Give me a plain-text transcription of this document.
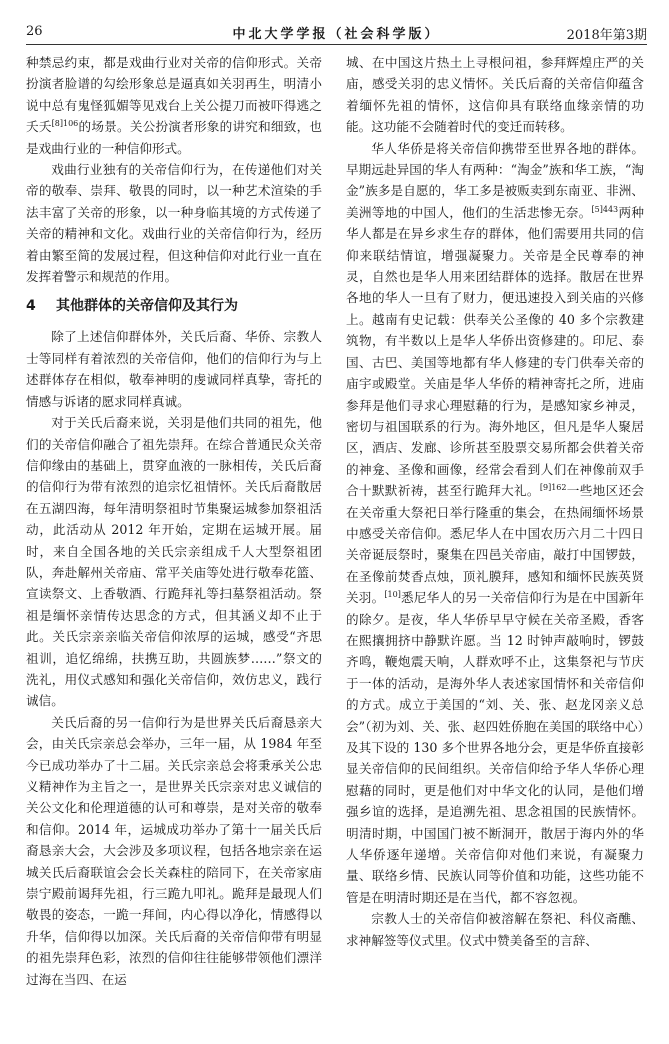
26	中北大学学报（社会科学版）	2018年第3期

种禁忌约束，都是戏曲行业对关帝的信仰形式。关帝扮演者脸谱的勾绘形象总是逼真如关羽再生，明清小说中总有鬼怪狐媚等见戏台上关公提刀而被吓得逃之夭夭$^{[8]106}$的场景。关公扮演者形象的讲究和细致，也是戏曲行业的一种信仰形式。

戏曲行业独有的关帝信仰行为，在传递他们对关帝的敬奉、崇拜、敬畏的同时，以一种艺术渲染的手法丰富了关帝的形象，以一种身临其境的方式传递了关帝的精神和文化。戏曲行业的关帝信仰行为，经历着由繁至简的发展过程，但这种信仰对此行业一直在发挥着警示和规范的作用。

4 其他群体的关帝信仰及其行为

除了上述信仰群体外，关氏后裔、华侨、宗教人士等同样有着浓烈的关帝信仰，他们的信仰行为与上述群体存在相似，敬奉神明的虔诚同样真挚，寄托的情感与诉诸的愿求同样真诚。

对于关氏后裔来说，关羽是他们共同的祖先，他们的关帝信仰融合了祖先崇拜。在综合普通民众关帝信仰缘由的基础上，贯穿血液的一脉相传，关氏后裔的信仰行为带有浓烈的追宗忆祖情怀。关氏后裔散居在五湖四海，每年清明祭祖时节集聚运城参加祭祖活动，此活动从 2012 年开始，定期在运城开展。届时，来自全国各地的关氏宗亲组成千人大型祭祖团队，奔赴解州关帝庙、常平关庙等处进行敬奉花篮、宣读祭文、上香敬酒、行跪拜礼等扫墓祭祖活动。祭祖是缅怀亲情传达思念的方式，但其涵义却不止于此。关氏宗亲亲临关帝信仰浓厚的运城，感受“齐思祖训，追忆绵绵，扶携互助，共圆族梦……”祭文的洗礼，用仪式感知和强化关帝信仰，效仿忠义，践行诚信。

关氏后裔的另一信仰行为是世界关氏后裔恳亲大会，由关氏宗亲总会举办，三年一届，从 1984 年至今已成功举办了十二届。关氏宗亲总会将秉承关公忠义精神作为主旨之一，是世界关氏宗亲对忠义诚信的关公文化和伦理道德的认可和尊崇，是对关帝的敬奉和信仰。2014 年，运城成功举办了第十一届关氏后裔恳亲大会，大会涉及多项议程，包括各地宗亲在运城关氏后裔联谊会会长关森柱的陪同下，在关帝家庙崇宁殿前谒拜先祖，行三跪九叩礼。跪拜是最现人们敬畏的姿态，一跪一拜间，内心得以净化，情感得以升华，信仰得以加深。关氏后裔的关帝信仰带有明显的祖先崇拜色彩，浓烈的信仰往往能够带领他们漂洋过海在当四、在运

城、在中国这片热土上寻根问祖，参拜辉煌庄严的关庙，感受关羽的忠义情怀。关氏后裔的关帝信仰蕴含着缅怀先祖的情怀，这信仰具有联络血缘亲情的功能。这功能不会随着时代的变迁而转移。

华人华侨是将关帝信仰携带至世界各地的群体。早期远赴异国的华人有两种：“淘金”族和华工族，“淘金”族多是自愿的，华工多是被贩卖到东南亚、非洲、美洲等地的中国人，他们的生活悲惨无奈。$^{[5]443}$两种华人都是在异乡求生存的群体，他们需要用共同的信仰来联结情谊，增强凝聚力。关帝是全民尊奉的神灵，自然也是华人用来团结群体的选择。散居在世界各地的华人一旦有了财力，便迅速投入到关庙的兴修上。越南有史记载：供奉关公圣像的 40 多个宗教建筑物，有半数以上是华人华侨出资修建的。印尼、泰国、古巴、美国等地都有华人修建的专门供奉关帝的庙宇或殿堂。关庙是华人华侨的精神寄托之所，进庙参拜是他们寻求心理慰藉的行为，是感知家乡神灵，密切与祖国联系的行为。海外地区，但凡是华人聚居区，酒店、发廊、诊所甚至股票交易所都会供着关帝的神龛、圣像和画像，经常会看到人们在神像前双手合十默默祈祷，甚至行跪拜大礼。$^{[9]162}$一些地区还会在关帝重大祭祀日举行隆重的集会，在热闹缅怀场景中感受关帝信仰。悉尼华人在中国农历六月二十四日关帝诞辰祭时，聚集在四邑关帝庙，敲打中国锣鼓，在圣像前焚香点烛，顶礼膜拜，感知和缅怀民族英贤关羽。[10]悉尼华人的另一关帝信仰行为是在中国新年的除夕。是夜，华人华侨早早守候在关帝圣殿，香客在熙攘拥挤中静默许愿。当 12 时钟声敲响时，锣鼓齐鸣，鞭炮震天响，人群欢呼不止，这集祭祀与节庆于一体的活动，是海外华人表述家国情怀和关帝信仰的方式。成立于美国的“刘、关、张、赵龙冈亲义总会”（初为刘、关、张、赵四姓侨胞在美国的联络中心）及其下设的 130 多个世界各地分会，更是华侨直接彰显关帝信仰的民间组织。关帝信仰给予华人华侨心理慰藉的同时，更是他们对中华文化的认同，是他们增强乡谊的选择，是追溯先祖、思念祖国的民族情怀。明清时期，中国国门被不断洞开，散居于海内外的华人华侨逐年递增。关帝信仰对他们来说，有凝聚力量、联络乡情、民族认同等价值和功能，这些功能不管是在明清时期还是在当代，都不容忽视。

宗教人士的关帝信仰被溶解在祭祀、科仪斋醮、求神解签等仪式里。仪式中赞美备至的言辞、
